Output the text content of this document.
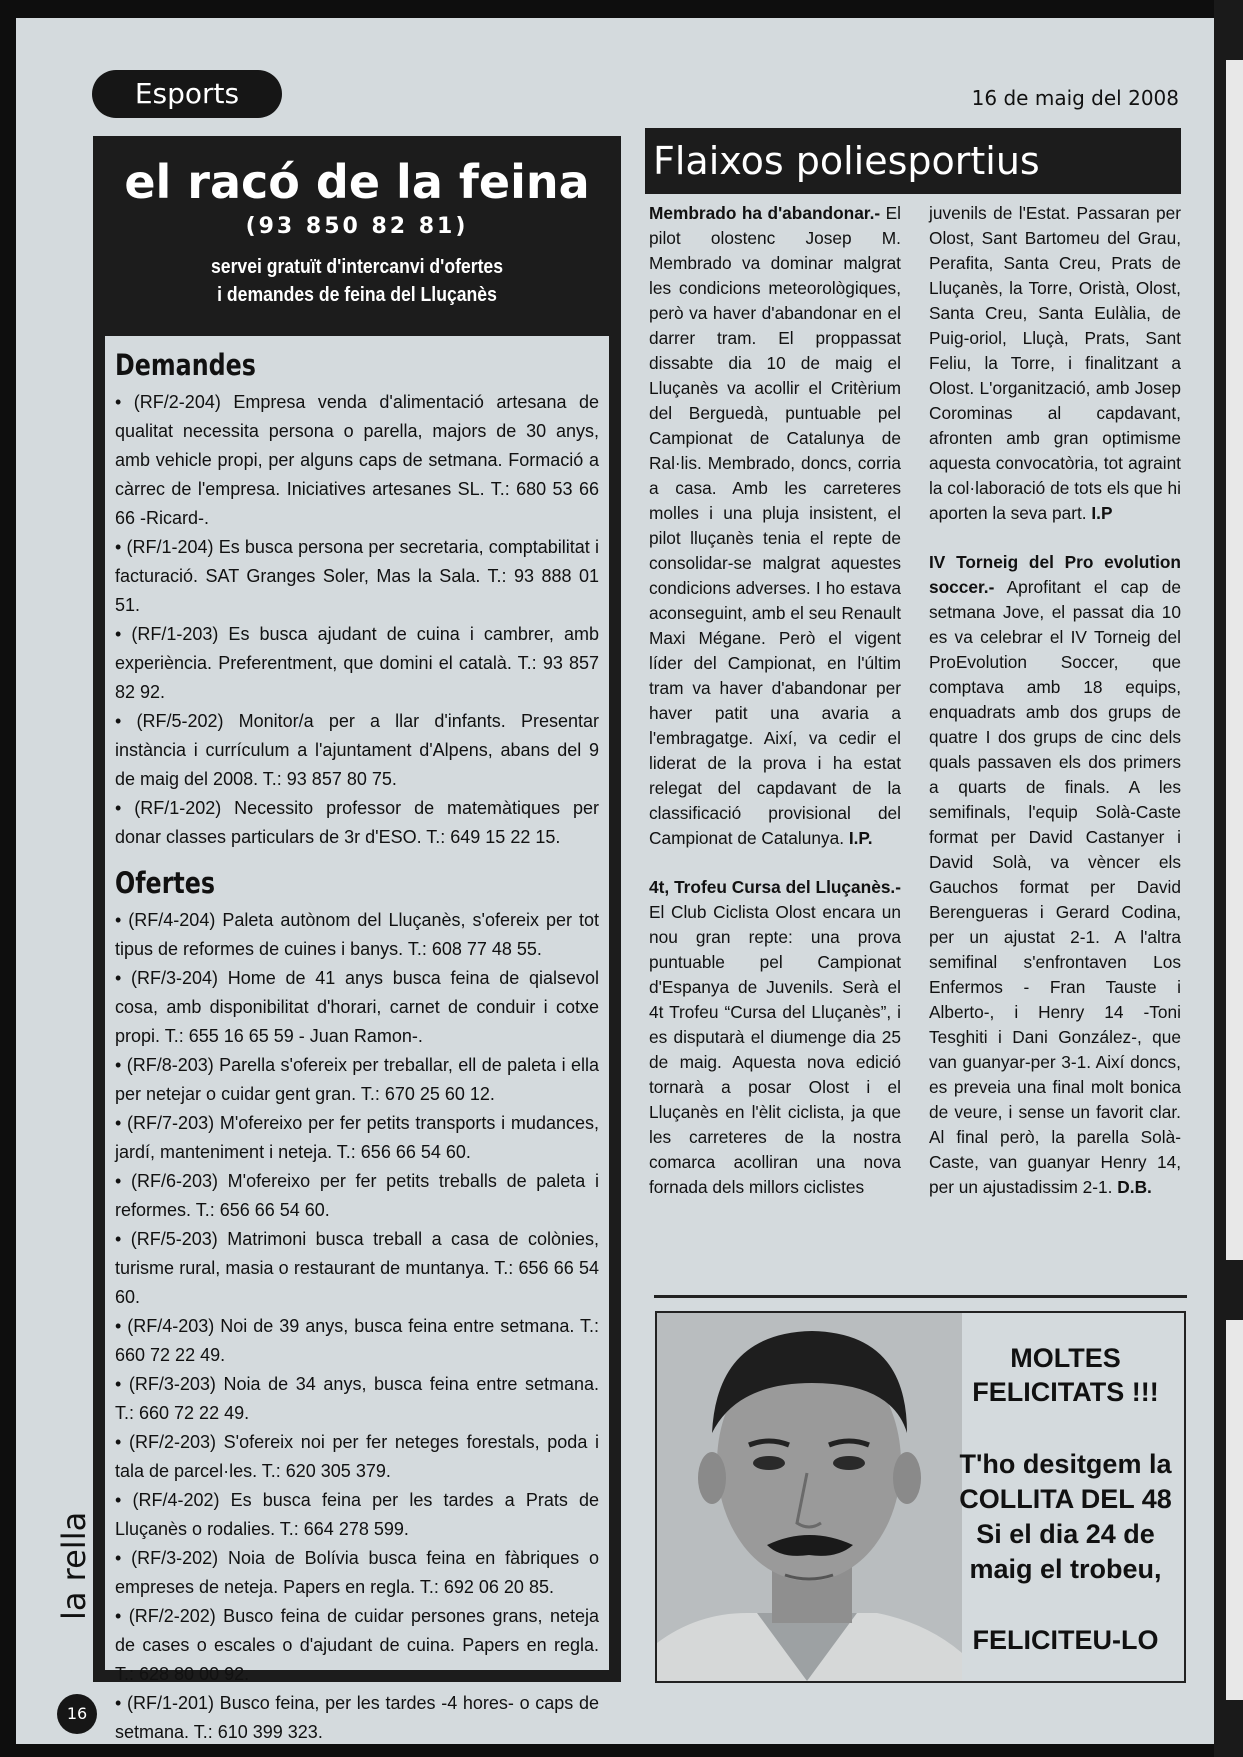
Esports	16 de maig del 2008
el racó de la feina
(93 850 82 81)
servei gratuït d'intercanvi d'ofertes
i demandes de feina del Lluçanès
Demandes
• (RF/2-204) Empresa venda d'alimentació artesana de qualitat necessita persona o parella, majors de 30 anys, amb vehicle propi, per alguns caps de setmana. Formació a càrrec de l'empresa. Iniciatives artesanes SL. T.: 680 53 66 66 -Ricard-.
• (RF/1-204) Es busca persona per secretaria, comptabilitat i facturació. SAT Granges Soler, Mas la Sala. T.: 93 888 01 51.
• (RF/1-203) Es busca ajudant de cuina i cambrer, amb experiència. Preferentment, que domini el català. T.: 93 857 82 92.
• (RF/5-202) Monitor/a per a llar d'infants. Presentar instància i currículum a l'ajuntament d'Alpens, abans del 9 de maig del 2008. T.: 93 857 80 75.
• (RF/1-202) Necessito professor de matemàtiques per donar classes particulars de 3r d'ESO. T.: 649 15 22 15.
Ofertes
• (RF/4-204) Paleta autònom del Lluçanès, s'ofereix per tot tipus de reformes de cuines i banys. T.: 608 77 48 55.
• (RF/3-204) Home de 41 anys busca feina de qialsevol cosa, amb disponibilitat d'horari, carnet de conduir i cotxe propi. T.: 655 16 65 59 - Juan Ramon-.
• (RF/8-203) Parella s'ofereix per treballar, ell de paleta i ella per netejar o cuidar gent gran. T.: 670 25 60 12.
• (RF/7-203) M'ofereixo per fer petits transports i mudances, jardí, manteniment i neteja. T.: 656 66 54 60.
• (RF/6-203) M'ofereixo per fer petits treballs de paleta i reformes. T.: 656 66 54 60.
• (RF/5-203) Matrimoni busca treball a casa de colònies, turisme rural, masia o restaurant de muntanya. T.: 656 66 54 60.
• (RF/4-203) Noi de 39 anys, busca feina entre setmana. T.: 660 72 22 49.
• (RF/3-203) Noia de 34 anys, busca feina entre setmana. T.: 660 72 22 49.
• (RF/2-203) S'ofereix noi per fer neteges forestals, poda i tala de parcel·les. T.: 620 305 379.
• (RF/4-202) Es busca feina per les tardes a Prats de Lluçanès o rodalies. T.: 664 278 599.
• (RF/3-202) Noia de Bolívia busca feina en fàbriques o empreses de neteja. Papers en regla. T.: 692 06 20 85.
• (RF/2-202) Busco feina de cuidar persones grans, neteja de cases o escales o d'ajudant de cuina. Papers en regla. T.: 628 80 00 92.
• (RF/1-201) Busco feina, per les tardes -4 hores- o caps de setmana. T.: 610 399 323.
Flaixos poliesportius

Membrado ha d'abandonar.- El pilot olostenc Josep M. Membrado va dominar malgrat les condicions meteorològiques, però va haver d'abandonar en el darrer tram. El proppassat dissabte dia 10 de maig el Lluçanès va acollir el Critèrium del Berguedà, puntuable pel Campionat de Catalunya de Ral·lis. Membrado, doncs, corria a casa. Amb les carreteres molles i una pluja insistent, el pilot lluçanès tenia el repte de consolidar-se malgrat aquestes condicions adverses. I ho estava aconseguint, amb el seu Renault Maxi Mégane. Però el vigent líder del Campionat, en l'últim tram va haver d'abandonar per haver patit una avaria a l'embragatge. Així, va cedir el liderat de la prova i ha estat relegat del capdavant de la classificació provisional del Campionat de Catalunya. I.P.

4t, Trofeu Cursa del Lluçanès.- El Club Ciclista Olost encara un nou gran repte: una prova puntuable pel Campionat d'Espanya de Juvenils. Serà el 4t Trofeu “Cursa del Lluçanès”, i es disputarà el diumenge dia 25 de maig. Aquesta nova edició tornarà a posar Olost i el Lluçanès en l'èlit ciclista, ja que les carreteres de la nostra comarca acolliran una nova fornada dels millors ciclistes

juvenils de l'Estat. Passaran per Olost, Sant Bartomeu del Grau, Perafita, Santa Creu, Prats de Lluçanès, la Torre, Oristà, Olost, Santa Creu, Santa Eulàlia, de Puig-oriol, Lluçà, Prats, Sant Feliu, la Torre, i finalitzant a Olost. L'organització, amb Josep Corominas al capdavant, afronten amb gran optimisme aquesta convocatòria, tot agraint la col·laboració de tots els que hi aporten la seva part. I.P

IV Torneig del Pro evolution soccer.- Aprofitant el cap de setmana Jove, el passat dia 10 es va celebrar el IV Torneig del ProEvolution Soccer, que comptava amb 18 equips, enquadrats amb dos grups de quatre I dos grups de cinc dels quals passaven els dos primers a quarts de finals. A les semifinals, l'equip Solà-Caste format per David Castanyer i David Solà, va vèncer els Gauchos format per David Berengueras i Gerard Codina, per un ajustat 2-1. A l'altra semifinal s'enfrontaven Los Enfermos - Fran Tauste i Alberto-, i Henry 14 -Toni Tesghiti i Dani González-, que van guanyar-per 3-1. Així doncs, es preveia una final molt bonica de veure, i sense un favorit clar. Al final però, la parella Solà-Caste, van guanyar Henry 14, per un ajustadissim 2-1. D.B.

MOLTES FELICITATS !!!
T'ho desitgem la COLLITA DEL 48 Si el dia 24 de maig el trobeu,
FELICITEU-LO
la rella
16
